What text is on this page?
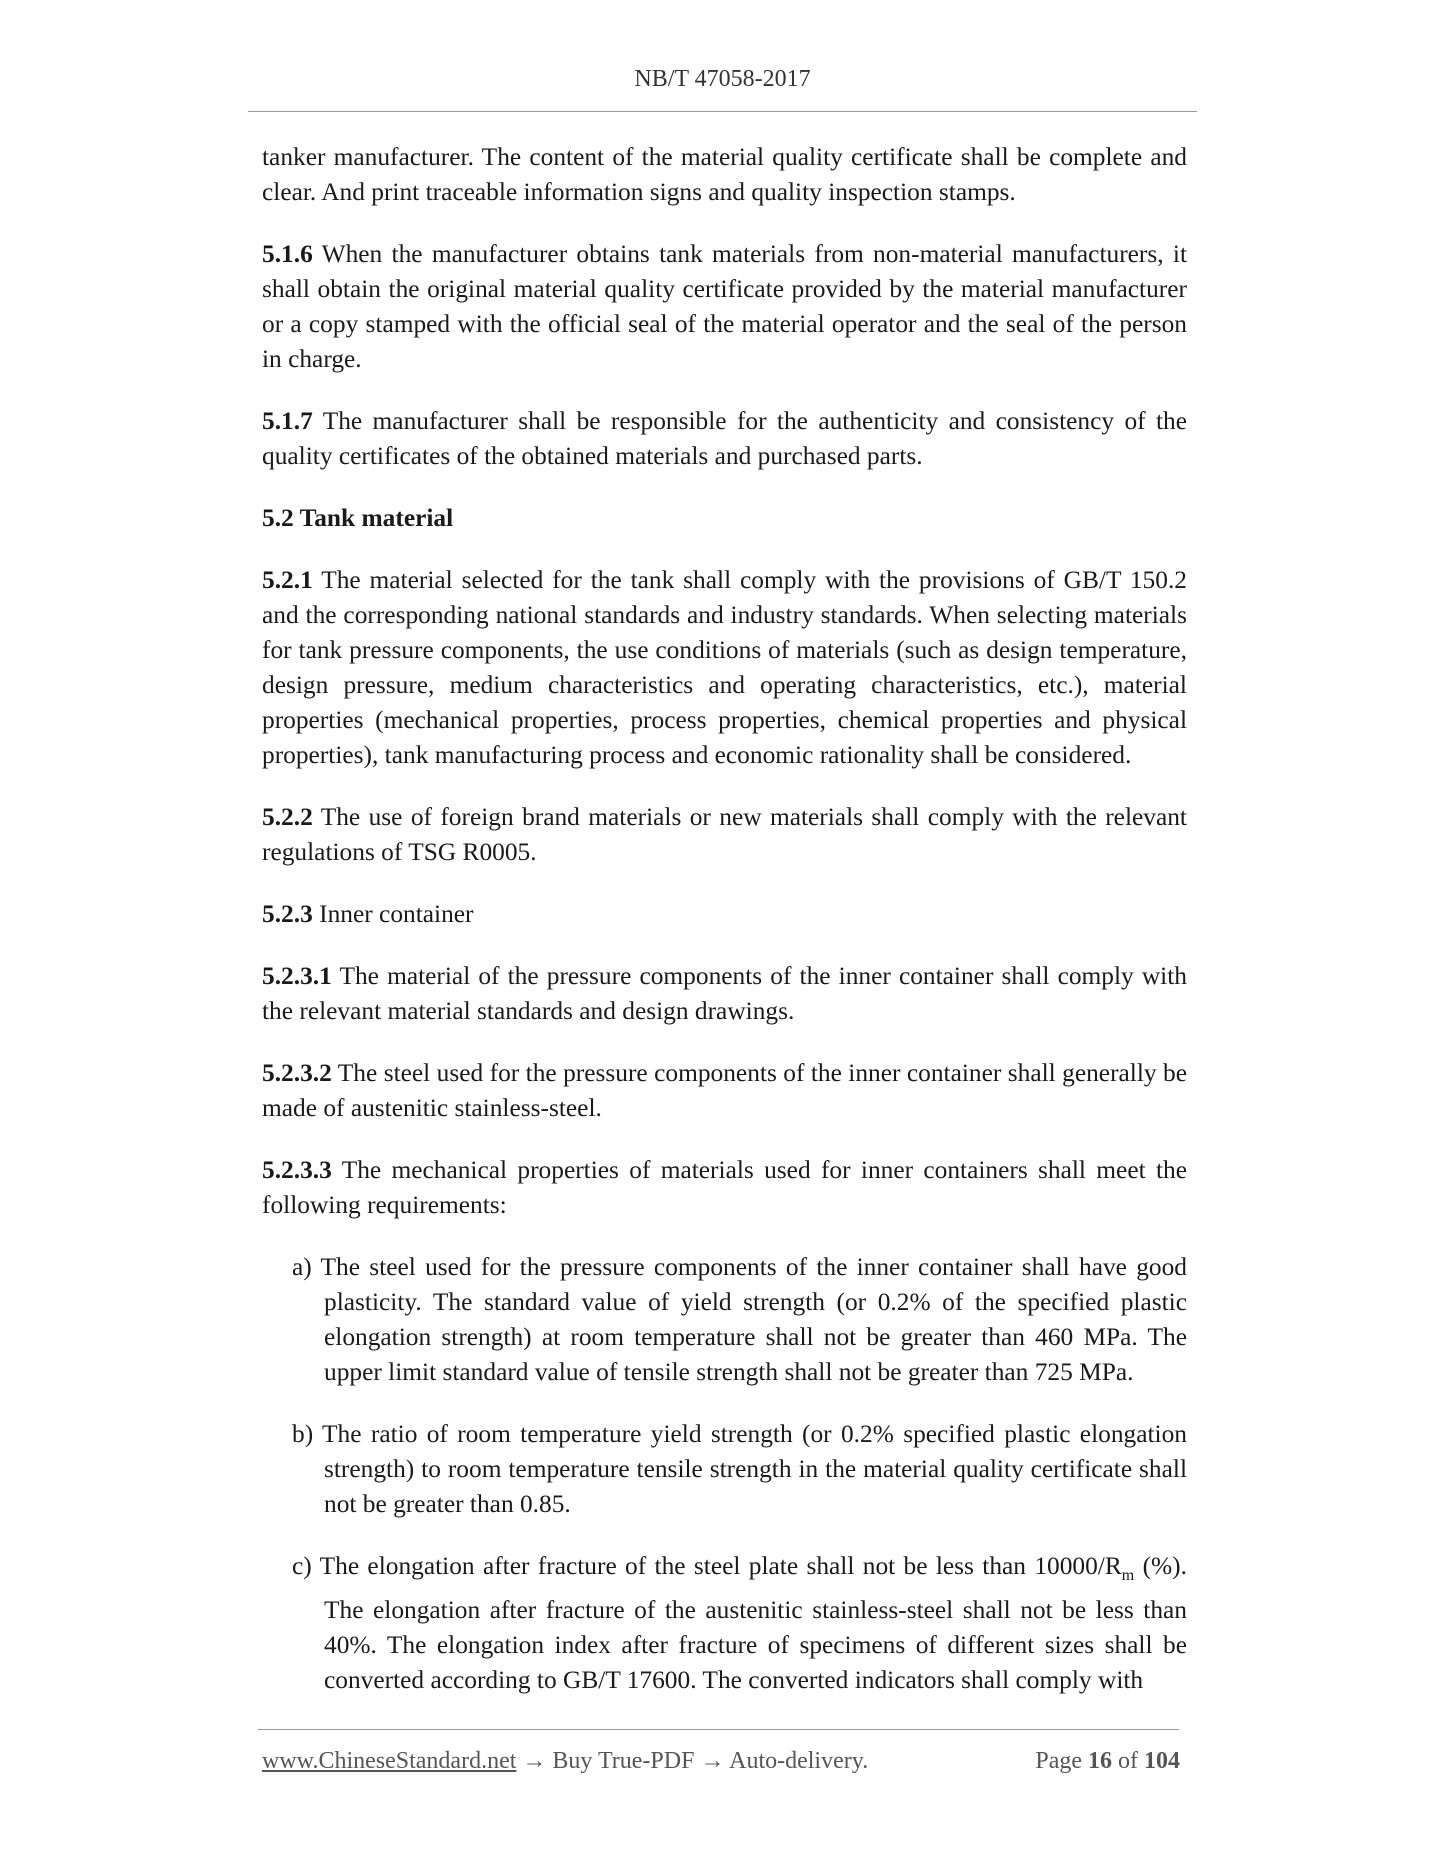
NB/T 47058-2017

tanker manufacturer. The content of the material quality certificate shall be complete and clear. And print traceable information signs and quality inspection stamps.

5.1.6 When the manufacturer obtains tank materials from non-material manufacturers, it shall obtain the original material quality certificate provided by the material manufacturer or a copy stamped with the official seal of the material operator and the seal of the person in charge.

5.1.7 The manufacturer shall be responsible for the authenticity and consistency of the quality certificates of the obtained materials and purchased parts.

5.2 Tank material

5.2.1 The material selected for the tank shall comply with the provisions of GB/T 150.2 and the corresponding national standards and industry standards. When selecting materials for tank pressure components, the use conditions of materials (such as design temperature, design pressure, medium characteristics and operating characteristics, etc.), material properties (mechanical properties, process properties, chemical properties and physical properties), tank manufacturing process and economic rationality shall be considered.

5.2.2 The use of foreign brand materials or new materials shall comply with the relevant regulations of TSG R0005.

5.2.3 Inner container

5.2.3.1 The material of the pressure components of the inner container shall comply with the relevant material standards and design drawings.

5.2.3.2 The steel used for the pressure components of the inner container shall generally be made of austenitic stainless-steel.

5.2.3.3 The mechanical properties of materials used for inner containers shall meet the following requirements:

a) The steel used for the pressure components of the inner container shall have good plasticity. The standard value of yield strength (or 0.2% of the specified plastic elongation strength) at room temperature shall not be greater than 460 MPa. The upper limit standard value of tensile strength shall not be greater than 725 MPa.
b) The ratio of room temperature yield strength (or 0.2% specified plastic elongation strength) to room temperature tensile strength in the material quality certificate shall not be greater than 0.85.
c) The elongation after fracture of the steel plate shall not be less than $10000/R_m$ (%). The elongation after fracture of the austenitic stainless-steel shall not be less than 40%. The elongation index after fracture of specimens of different sizes shall be converted according to GB/T 17600. The converted indicators shall comply with
www.ChineseStandard.net → Buy True-PDF → Auto-delivery.	Page 16 of 104
